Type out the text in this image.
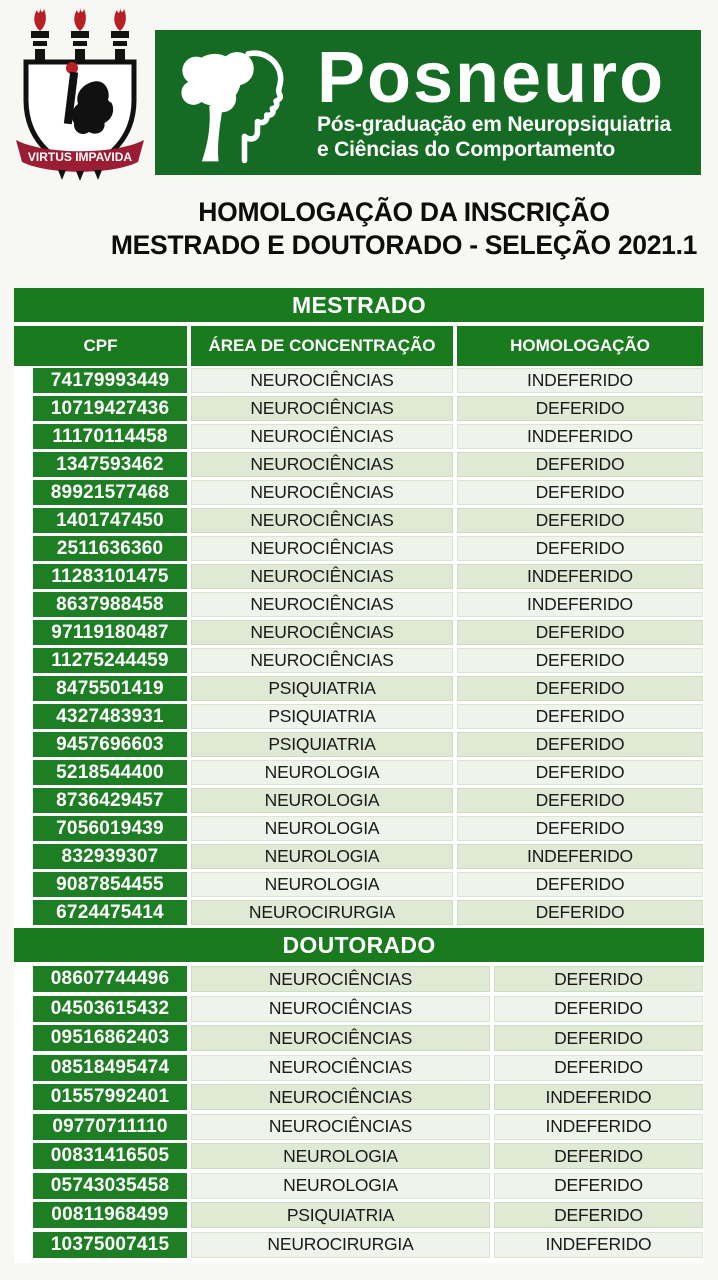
VIRTUS IMPAVIDA
Posneuro
Pós-graduação em Neuropsiquiatria
e Ciências do Comportamento
HOMOLOGAÇÃO DA INSCRIÇÃO
MESTRADO E DOUTORADO - SELEÇÃO 2021.1
MESTRADO
CPF	ÁREA DE CONCENTRAÇÃO	HOMOLOGAÇÃO
74179993449	NEUROCIÊNCIAS	INDEFERIDO
10719427436	NEUROCIÊNCIAS	DEFERIDO
11170114458	NEUROCIÊNCIAS	INDEFERIDO
1347593462	NEUROCIÊNCIAS	DEFERIDO
89921577468	NEUROCIÊNCIAS	DEFERIDO
1401747450	NEUROCIÊNCIAS	DEFERIDO
2511636360	NEUROCIÊNCIAS	DEFERIDO
11283101475	NEUROCIÊNCIAS	INDEFERIDO
8637988458	NEUROCIÊNCIAS	INDEFERIDO
97119180487	NEUROCIÊNCIAS	DEFERIDO
11275244459	NEUROCIÊNCIAS	DEFERIDO
8475501419	PSIQUIATRIA	DEFERIDO
4327483931	PSIQUIATRIA	DEFERIDO
9457696603	PSIQUIATRIA	DEFERIDO
5218544400	NEUROLOGIA	DEFERIDO
8736429457	NEUROLOGIA	DEFERIDO
7056019439	NEUROLOGIA	DEFERIDO
832939307	NEUROLOGIA	INDEFERIDO
9087854455	NEUROLOGIA	DEFERIDO
6724475414	NEUROCIRURGIA	DEFERIDO
DOUTORADO
08607744496	NEUROCIÊNCIAS	DEFERIDO
04503615432	NEUROCIÊNCIAS	DEFERIDO
09516862403	NEUROCIÊNCIAS	DEFERIDO
08518495474	NEUROCIÊNCIAS	DEFERIDO
01557992401	NEUROCIÊNCIAS	INDEFERIDO
09770711110	NEUROCIÊNCIAS	INDEFERIDO
00831416505	NEUROLOGIA	DEFERIDO
05743035458	NEUROLOGIA	DEFERIDO
00811968499	PSIQUIATRIA	DEFERIDO
10375007415	NEUROCIRURGIA	INDEFERIDO
